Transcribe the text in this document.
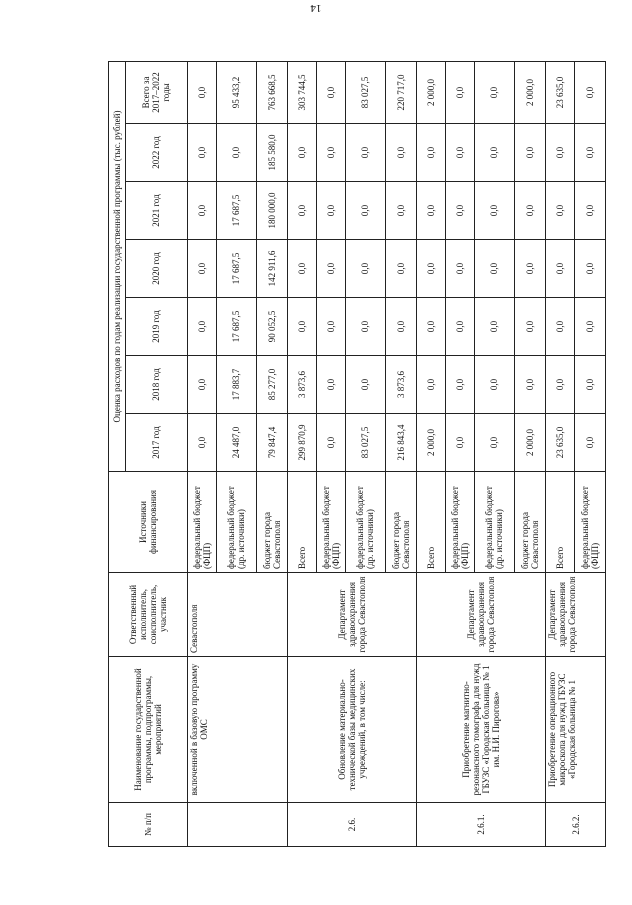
14
№ п/п	Наименование государственной программы, подпрограммы, мероприятий	Ответственный исполнитель, соисполнитель, участник	Источники финансирования	Оценка расходов по годам реализации государственной программы (тыс. рублей)						
				2017 год	2018 год	2019 год	2020 год	2021 год	2022 год	Всего за 2017–2022 годы
	включенной в базовую программу ОМС	Севастополя	федеральный бюджет (ФЦП)	0,0	0,0	0,0	0,0	0,0	0,0	0,0
			федеральный бюджет (др. источники)	24 487,0	17 883,7	17 687,5	17 687,5	17 687,5	0,0	95 433,2
			бюджет города Севастополя	79 847,4	85 277,0	90 052,5	142 911,6	180 000,0	185 580,0	763 668,5
2.6.	Обновление материально-технической базы медицинских учреждений, в том числе:	Департамент здравоохранения города Севастополя	Всего	299 870,9	3 873,6	0,0	0,0	0,0	0,0	303 744,5
			федеральный бюджет (ФЦП)	0,0	0,0	0,0	0,0	0,0	0,0	0,0
			федеральный бюджет (др. источники)	83 027,5	0,0	0,0	0,0	0,0	0,0	83 027,5
			бюджет города Севастополя	216 843,4	3 873,6	0,0	0,0	0,0	0,0	220 717,0
2.6.1.	Приобретение магнитно-резонансного томографа для нужд ГБУЗС «Городская больница № 1 им. Н.И. Пирогова»	Департамент здравоохранения города Севастополя	Всего	2 000,0	0,0	0,0	0,0	0,0	0,0	2 000,0
			федеральный бюджет (ФЦП)	0,0	0,0	0,0	0,0	0,0	0,0	0,0
			федеральный бюджет (др. источники)	0,0	0,0	0,0	0,0	0,0	0,0	0,0
			бюджет города Севастополя	2 000,0	0,0	0,0	0,0	0,0	0,0	2 000,0
2.6.2.	Приобретение операционного микроскопа для нужд ГБУЗС «Городская больница № 1	Департамент здравоохранения города Севастополя	Всего	23 635,0	0,0	0,0	0,0	0,0	0,0	23 635,0
			федеральный бюджет (ФЦП)	0,0	0,0	0,0	0,0	0,0	0,0	0,0
